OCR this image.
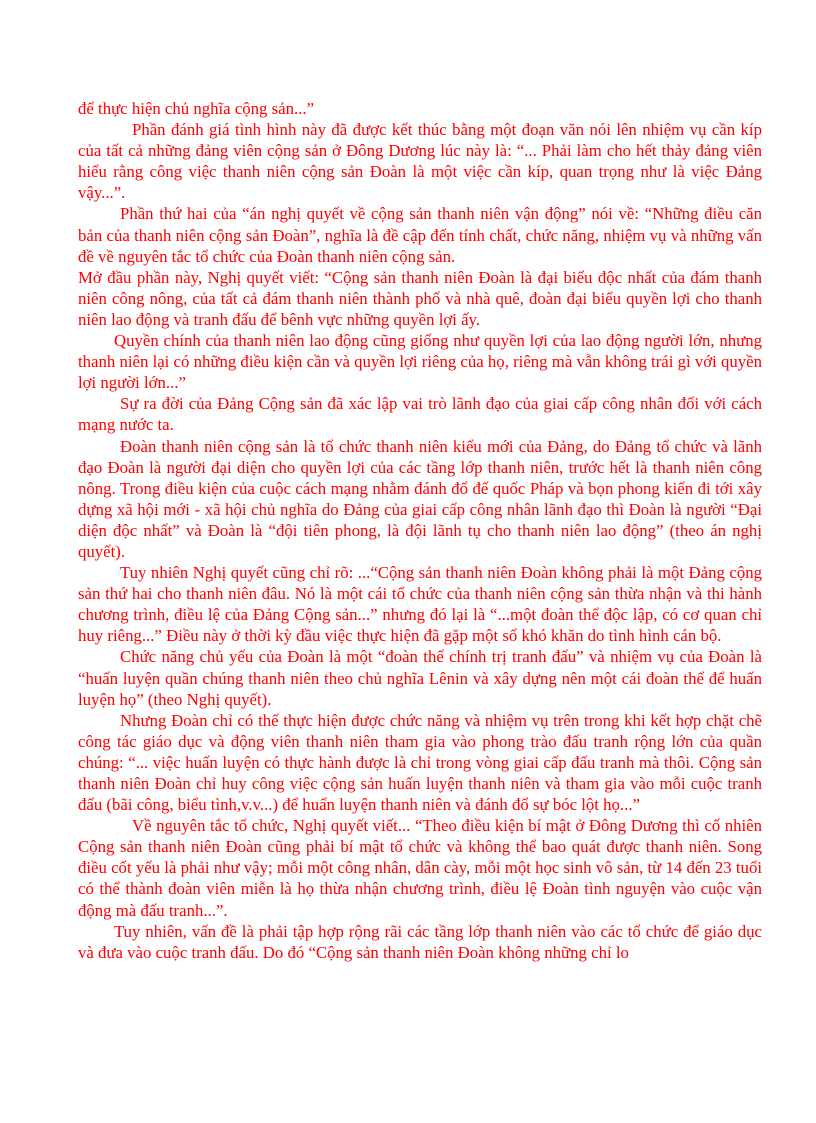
để thực hiện chủ nghĩa cộng sản...”

Phần đánh giá tình hình này đã được kết thúc bằng một đoạn văn nói lên nhiệm vụ cần kíp của tất cả những đảng viên cộng sản ở Đông Dương lúc này là: “... Phải làm cho hết thảy đảng viên hiểu rằng công việc thanh niên cộng sản Đoàn là một việc cần kíp, quan trọng như là việc Đảng vậy...”.

Phần thứ hai của “án nghị quyết về cộng sản thanh niên vận động” nói về: “Những điều căn bản của thanh niên cộng sản Đoàn”, nghĩa là đề cập đến tính chất, chức năng, nhiệm vụ và những vấn đề về nguyên tắc tổ chức của Đoàn thanh niên cộng sản.

Mở đầu phần này, Nghị quyết viết: “Cộng sản thanh niên Đoàn là đại biểu độc nhất của đám thanh niên công nông, của tất cả đám thanh niên thành phố và nhà quê, đoàn đại biểu quyền lợi cho thanh niên lao động và tranh đấu để bênh vực những quyền lợi ấy.

Quyền chính của thanh niên lao động cũng giống như quyền lợi của lao động người lớn, nhưng thanh niên lại có những điều kiện cần và quyền lợi riêng của họ, riêng mà vẫn không trái gì với quyền lợi người lớn...”

Sự ra đời của Đảng Cộng sản đã xác lập vai trò lãnh đạo của giai cấp công nhân đối với cách mạng nước ta.

Đoàn thanh niên cộng sản là tổ chức thanh niên kiểu mới của Đảng, do Đảng tổ chức và lãnh đạo Đoàn là người đại diện cho quyền lợi của các tầng lớp thanh niên, trước hết là thanh niên công nông. Trong điều kiện của cuộc cách mạng nhằm đánh đổ đế quốc Pháp và bọn phong kiến đi tới xây dựng xã hội mới - xã hội chủ nghĩa do Đảng của giai cấp công nhân lãnh đạo thì Đoàn là người “Đại diện độc nhất” và Đoàn là “đội tiên phong, là đội lãnh tụ cho thanh niên lao động” (theo án nghị quyết).

Tuy nhiên Nghị quyết cũng chỉ rõ: ...“Cộng sản thanh niên Đoàn không phải là một Đảng cộng sản thứ hai cho thanh niên đâu. Nó là một cái tổ chức của thanh niên cộng sản thừa nhận và thi hành chương trình, điều lệ của Đảng Cộng sản...” nhưng đó lại là “...một đoàn thể độc lập, có cơ quan chỉ huy riêng...” Điều này ở thời kỳ đầu việc thực hiện đã gặp một số khó khăn do tình hình cán bộ.

Chức năng chủ yếu của Đoàn là một “đoàn thể chính trị tranh đấu” và nhiệm vụ của Đoàn là “huấn luyện quần chúng thanh niên theo chủ nghĩa Lênin và xây dựng nên một cái đoàn thể để huấn luyện họ” (theo Nghị quyết).

Nhưng Đoàn chỉ có thể thực hiện được chức năng và nhiệm vụ trên trong khi kết hợp chặt chẽ công tác giáo dục và động viên thanh niên tham gia vào phong trào đấu tranh rộng lớn của quần chúng: “... việc huấn luyện có thực hành được là chỉ trong vòng giai cấp đấu tranh mà thôi. Cộng sản thanh niên Đoàn chỉ huy công việc cộng sản huấn luyện thanh niên và tham gia vào mỗi cuộc tranh đấu (bãi công, biểu tình,v.v...) để huấn luyện thanh niên và đánh đổ sự bóc lột họ...”

Về nguyên tắc tổ chức, Nghị quyết viết... “Theo điều kiện bí mật ở Đông Dương thì cố nhiên Cộng sản thanh niên Đoàn cũng phải bí mật tổ chức và không thể bao quát được thanh niên. Song điều cốt yếu là phải như vậy; mỗi một công nhân, dân cày, mỗi một học sinh vô sản, từ 14 đến 23 tuổi có thể thành đoàn viên miễn là họ thừa nhận chương trình, điều lệ Đoàn tình nguyện vào cuộc vận động mà đấu tranh...”.

Tuy nhiên, vấn đề là phải tập hợp rộng rãi các tầng lớp thanh niên vào các tổ chức để giáo dục và đưa vào cuộc tranh đấu. Do đó “Cộng sản thanh niên Đoàn không những chỉ lo
